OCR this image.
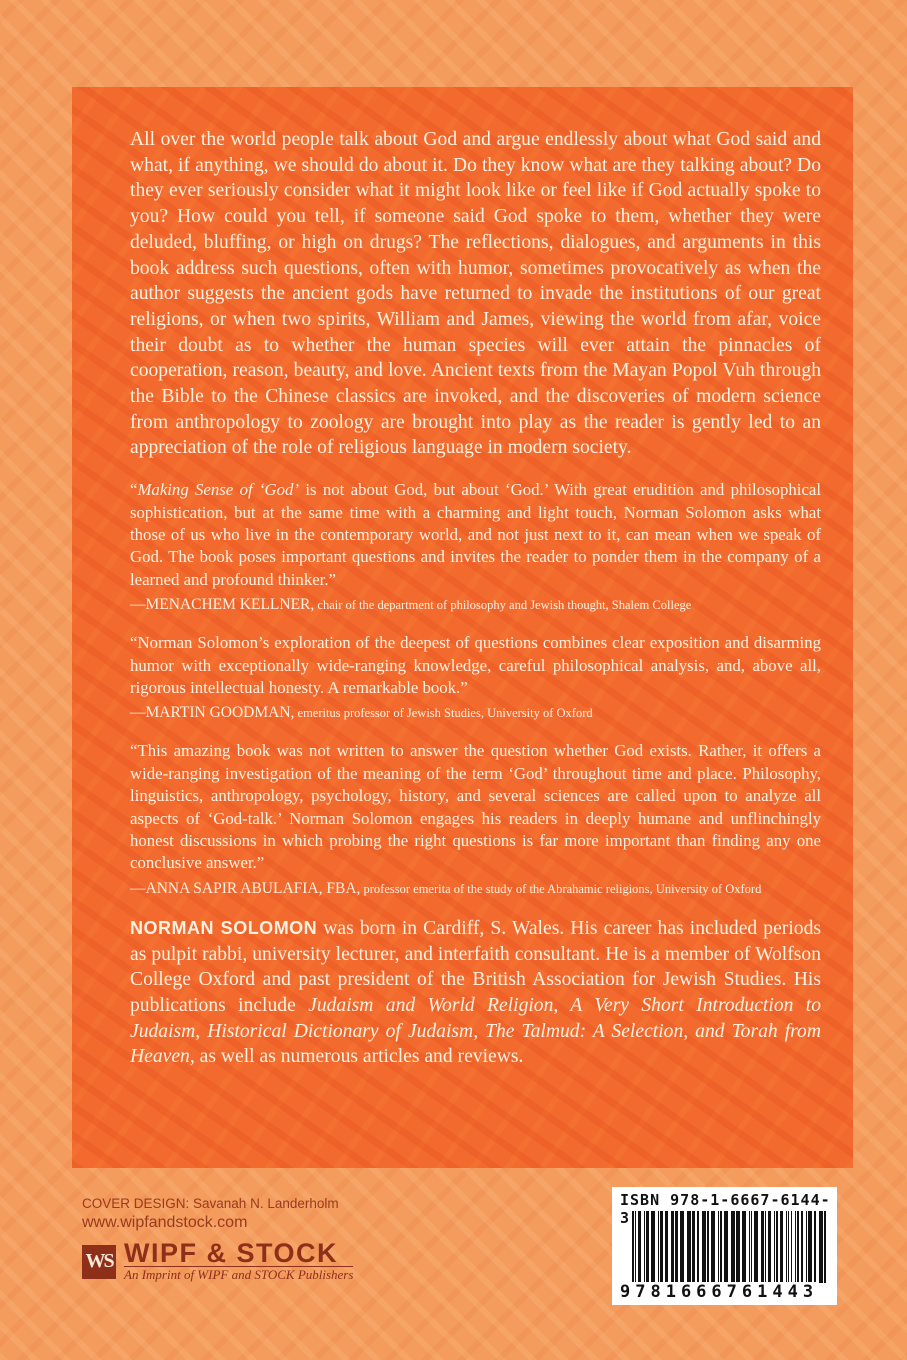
All over the world people talk about God and argue endlessly about what God said and what, if anything, we should do about it. Do they know what are they talking about? Do they ever seriously consider what it might look like or feel like if God actually spoke to you? How could you tell, if someone said God spoke to them, whether they were deluded, bluffing, or high on drugs? The reflections, dialogues, and arguments in this book address such questions, often with humor, sometimes provocatively as when the author suggests the ancient gods have returned to invade the institutions of our great religions, or when two spirits, William and James, viewing the world from afar, voice their doubt as to whether the human species will ever attain the pinnacles of cooperation, reason, beauty, and love. Ancient texts from the Mayan Popol Vuh through the Bible to the Chinese classics are invoked, and the discoveries of modern science from anthropology to zoology are brought into play as the reader is gently led to an appreciation of the role of religious language in modern society.

“Making Sense of ‘God’ is not about God, but about ‘God.’ With great erudition and philosophical sophistication, but at the same time with a charming and light touch, Norman Solomon asks what those of us who live in the contemporary world, and not just next to it, can mean when we speak of God. The book poses important questions and invites the reader to ponder them in the company of a learned and profound thinker.”

—MENACHEM KELLNER, chair of the department of philosophy and Jewish thought, Shalem College

“Norman Solomon’s exploration of the deepest of questions combines clear exposition and disarming humor with exceptionally wide-ranging knowledge, careful philosophical analysis, and, above all, rigorous intellectual honesty. A remarkable book.”

—MARTIN GOODMAN, emeritus professor of Jewish Studies, University of Oxford

“This amazing book was not written to answer the question whether God exists. Rather, it offers a wide-ranging investigation of the meaning of the term ‘God’ throughout time and place. Philosophy, linguistics, anthropology, psychology, history, and several sciences are called upon to analyze all aspects of ‘God-talk.’ Norman Solomon engages his readers in deeply humane and unflinchingly honest discussions in which probing the right questions is far more important than finding any one conclusive answer.”

—ANNA SAPIR ABULAFIA, FBA, professor emerita of the study of the Abrahamic religions, University of Oxford

NORMAN SOLOMON was born in Cardiff, S. Wales. His career has included periods as pulpit rabbi, university lecturer, and interfaith consultant. He is a member of Wolfson College Oxford and past president of the British Association for Jewish Studies. His publications include Judaism and World Religion, A Very Short Introduction to Judaism, Historical Dictionary of Judaism, The Talmud: A Selection, and Torah from Heaven, as well as numerous articles and reviews.

COVER DESIGN: Savanah N. Landerholm
www.wipfandstock.com
WS WIPF & STOCK
An Imprint of WIPF and STOCK Publishers
ISBN 978-1-6667-6144-3
9781666761443
